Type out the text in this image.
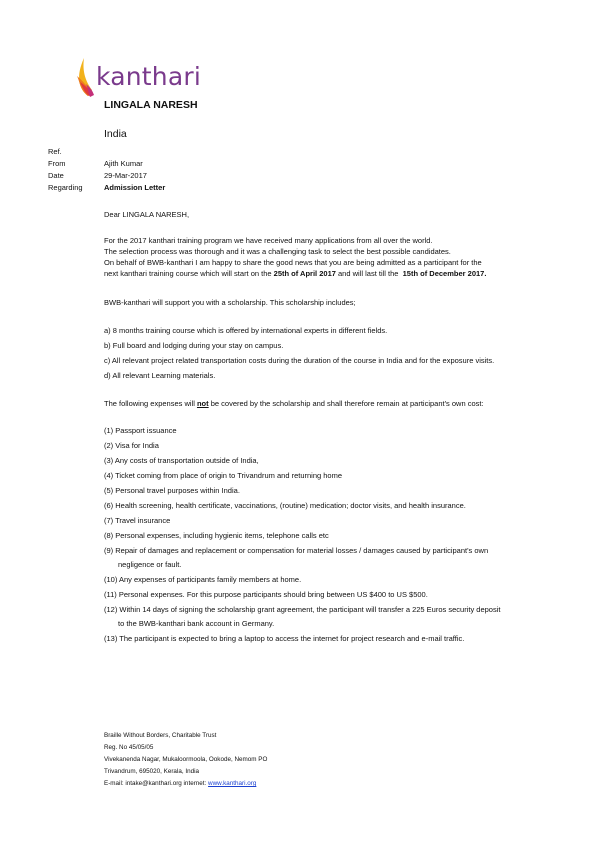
kanthari
LINGALA NARESH
India
Ref.
From	Ajith Kumar
Date	29-Mar-2017
Regarding	Admission Letter
Dear LINGALA NARESH,
For the 2017 kanthari training program we have received many applications from all over the world.
The selection process was thorough and it was a challenging task to select the best possible candidates.
On behalf of BWB-kanthari I am happy to share the good news that you are being admitted as a participant for the
next kanthari training course which will start on the 25th of April 2017 and will last till the  15th of December 2017.
BWB-kanthari will support you with a scholarship. This scholarship includes;
a) 8 months training course which is offered by international experts in different fields.
b) Full board and lodging during your stay on campus.
c) All relevant project related transportation costs during the duration of the course in India and for the exposure visits.
d) All relevant Learning materials.
The following expenses will not be covered by the scholarship and shall therefore remain at participant's own cost:
(1) Passport issuance
(2) Visa for India
(3) Any costs of transportation outside of India,
(4) Ticket coming from place of origin to Trivandrum and returning home
(5) Personal travel purposes within India.
(6) Health screening, health certificate, vaccinations, (routine) medication; doctor visits, and health insurance.
(7) Travel insurance
(8) Personal expenses, including hygienic items, telephone calls etc
(9) Repair of damages and replacement or compensation for material losses / damages caused by participant's own
negligence or fault.
(10) Any expenses of participants family members at home.
(11) Personal expenses. For this purpose participants should bring between US $400 to US $500.
(12) Within 14 days of signing the scholarship grant agreement, the participant will transfer a 225 Euros security deposit
to the BWB-kanthari bank account in Germany.
(13) The participant is expected to bring a laptop to access the internet for project research and e-mail traffic.
Braille Without Borders, Charitable Trust
Reg. No 45/05/05
Vivekanenda Nagar, Mukaloormoola, Ookode, Nemom PO
Trivandrum, 695020, Kerala, India
E-mail: intake@kanthari.org internet: www.kanthari.org
